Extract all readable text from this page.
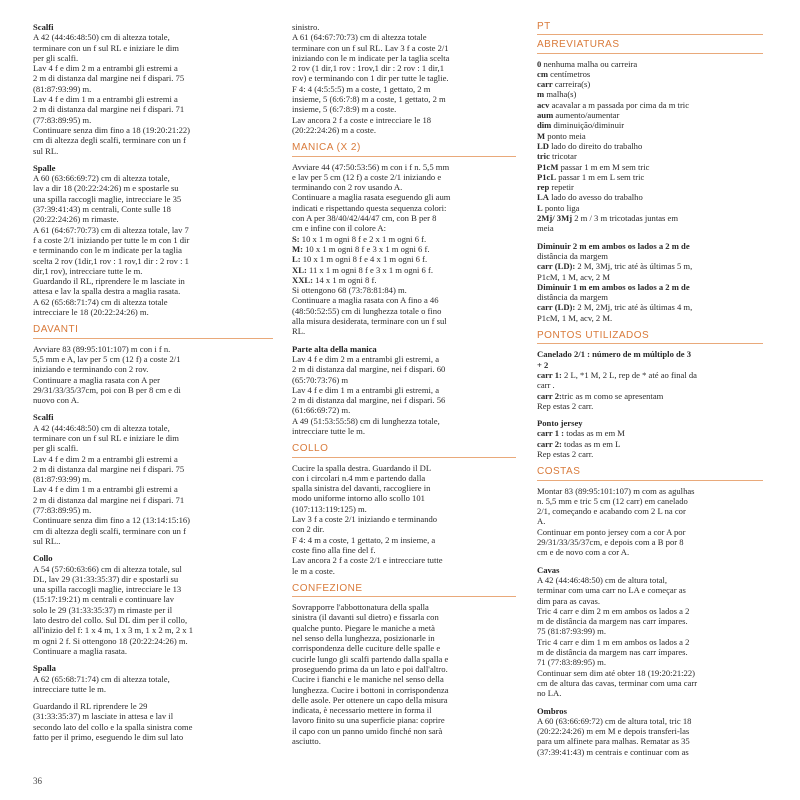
Scalfi
A 42 (44:46:48:50) cm di altezza totale,
terminare con un f sul RL e iniziare le dim
per gli scalfi.
Lav 4 f e dim 2 m a entrambi gli estremi a
2 m di distanza dal margine nei f dispari. 75
(81:87:93:99) m.
Lav 4 f e dim 1 m a entrambi gli estremi a
2 m di distanza dal margine nei f dispari. 71
(77:83:89:95) m.
Continuare senza dim fino a 18 (19:20:21:22)
cm di altezza degli scalfi, terminare con un f
sul RL.
Spalle
A 60 (63:66:69:72) cm di altezza totale,
lav a dir 18 (20:22:24:26) m e spostarle su
una spilla raccogli maglie, intrecciare le 35
(37:39:41:43) m centrali, Conte sulle 18
(20:22:24:26) m rimaste.
A 61 (64:67:70:73) cm di altezza totale, lav 7
f a coste 2/1 iniziando per tutte le m con 1 dir
e terminando con le m indicate per la taglia
scelta 2 rov (1dir,1 rov : 1 rov,1 dir : 2 rov : 1
dir,1 rov), intrecciare tutte le m.
Guardando il RL, riprendere le m lasciate in
attesa e lav la spalla destra a maglia rasata.
A 62 (65:68:71:74) cm di altezza totale
intrecciare le 18 (20:22:24:26) m.
DAVANTI
Avviare 83 (89:95:101:107) m con i f n.
5,5 mm e A, lav per 5 cm (12 f) a coste 2/1
iniziando e terminando con 2 rov.
Continuare a maglia rasata con A per
29/31/33/35/37cm, poi con B per 8 cm e di
nuovo con A.
Scalfi
A 42 (44:46:48:50) cm di altezza totale,
terminare con un f sul RL e iniziare le dim
per gli scalfi.
Lav 4 f e dim 2 m a entrambi gli estremi a
2 m di distanza dal margine nei f dispari. 75
(81:87:93:99) m.
Lav 4 f e dim 1 m a entrambi gli estremi a
2 m di distanza dal margine nei f dispari. 71
(77:83:89:95) m.
Continuare senza dim fino a 12 (13:14:15:16)
cm di altezza degli scalfi, terminare con un f
sul RL..
Collo
A 54 (57:60:63:66) cm di altezza totale, sul
DL, lav 29 (31:33:35:37) dir e spostarli su
una spilla raccogli maglie, intrecciare le 13
(15:17:19:21) m centrali e continuare lav
solo le 29 (31:33:35:37) m rimaste per il
lato destro del collo. Sul DL dim per il collo,
all'inizio del f: 1 x 4 m, 1 x 3 m, 1 x 2 m, 2 x 1
m ogni 2 f. Si ottengono 18 (20:22:24:26) m.
Continuare a maglia rasata.
Spalla
A 62 (65:68:71:74) cm di altezza totale,
intrecciare tutte le m.
Guardando il RL riprendere le 29
(31:33:35:37) m lasciate in attesa e lav il
secondo lato del collo e la spalla sinistra come
fatto per il primo, eseguendo le dim sul lato
sinistro.
A 61 (64:67:70:73) cm di altezza totale
terminare con un f sul RL. Lav 3 f a coste 2/1
iniziando con le m indicate per la taglia scelta
2 rov (1 dir,1 rov : 1rov,1 dir : 2 rov : 1 dir,1
rov) e terminando con 1 dir per tutte le taglie.
F 4: 4 (4:5:5:5) m a coste, 1 gettato, 2 m
insieme, 5 (6:6:7:8) m a coste, 1 gettato, 2 m
insieme, 5 (6:7:8:9) m a coste.
Lav ancora 2 f a coste e intrecciare le 18
(20:22:24:26) m a coste.
MANICA (X 2)
Avviare 44 (47:50:53:56) m con i f n. 5,5 mm
e lav per 5 cm (12 f) a coste 2/1 iniziando e
terminando con 2 rov usando A.
Continuare a maglia rasata eseguendo gli aum
indicati e rispettando questa sequenza colori:
con A per 38/40/42/44/47 cm, con B per 8
cm e infine con il colore A:
S: 10 x 1 m ogni 8 f e 2 x 1 m ogni 6 f.
M: 10 x 1 m ogni 8 f e 3 x 1 m ogni 6 f.
L: 10 x 1 m ogni 8 f e 4 x 1 m ogni 6 f.
XL: 11 x 1 m ogni 8 f e 3 x 1 m ogni 6 f.
XXL: 14 x 1 m ogni 8 f.
Si ottengono 68 (73:78:81:84) m.
Continuare a maglia rasata con A fino a 46
(48:50:52:55) cm di lunghezza totale o fino
alla misura desiderata, terminare con un f sul
RL.
Parte alta della manica
Lav 4 f e dim 2 m a entrambi gli estremi, a
2 m di distanza dal margine, nei f dispari. 60
(65:70:73:76) m
Lav 4 f e dim 1 m a entrambi gli estremi, a
2 m di distanza dal margine, nei f dispari. 56
(61:66:69:72) m.
A 49 (51:53:55:58) cm di lunghezza totale,
intrecciare tutte le m.
COLLO
Cucire la spalla destra. Guardando il DL
con i circolari n.4 mm e partendo dalla
spalla sinistra del davanti, raccogliere in
modo uniforme intorno allo scollo 101
(107:113:119:125) m.
Lav 3 f a coste 2/1 iniziando e terminando
con 2 dir.
F 4: 4 m a coste, 1 gettato, 2 m insieme, a
coste fino alla fine del f.
Lav ancora 2 f a coste 2/1 e intrecciare tutte
le m a coste.
CONFEZIONE
Sovrapporre l'abbottonatura della spalla
sinistra (il davanti sul dietro) e fissarla con
qualche punto. Piegare le maniche a metà
nel senso della lunghezza, posizionarle in
corrispondenza delle cuciture delle spalle e
cucirle lungo gli scalfi partendo dalla spalla e
proseguendo prima da un lato e poi dall'altro.
Cucire i fianchi e le maniche nel senso della
lunghezza. Cucire i bottoni in corrispondenza
delle asole. Per ottenere un capo della misura
indicata, è necessario mettere in forma il
lavoro finito su una superficie piana: coprire
il capo con un panno umido finché non sarà
asciutto.
PT
ABREVIATURAS
0 nenhuma malha ou carreira
cm centímetros
carr carreira(s)
m malha(s)
acv acavalar a m passada por cima da m tric
aum aumento/aumentar
dim diminuição/diminuir
M ponto meia
LD lado do direito do trabalho
tric tricotar
P1cM passar 1 m em M sem tric
P1cL passar 1 m em L sem tric
rep repetir
LA lado do avesso do trabalho
L ponto liga
2Mj/ 3Mj 2 m / 3 m tricotadas juntas em
meia
Diminuir 2 m em ambos os lados a 2 m de
distância da margem
carr (LD): 2 M, 3Mj, tric até às últimas 5 m,
P1cM, 1 M, acv, 2 M
Diminuir 1 m em ambos os lados a 2 m de
distância da margem
carr (LD): 2 M, 2Mj, tric até às últimas 4 m,
P1cM, 1 M, acv, 2 M.
PONTOS UTILIZADOS
Canelado 2/1 : número de m múltiplo de 3
+ 2
carr 1: 2 L, *1 M, 2 L, rep de * até ao final da
carr .
carr 2:tric as m como se apresentam
Rep estas 2 carr.
Ponto jersey
carr 1 : todas as m em M
carr 2: todas as m em L
Rep estas 2 carr.
COSTAS
Montar 83 (89:95:101:107) m com as agulhas
n. 5,5 mm e tric 5 cm (12 carr) em canelado
2/1, começando e acabando com 2 L na cor
A.
Continuar em ponto jersey com a cor A por
29/31/33/35/37cm, e depois com a B por 8
cm e de novo com a cor A.
Cavas
A 42 (44:46:48:50) cm de altura total,
terminar com uma carr no LA e começar as
dim para as cavas.
Tric 4 carr e dim 2 m em ambos os lados a 2
m de distância da margem nas carr ímpares.
75 (81:87:93:99) m.
Tric 4 carr e dim 1 m em ambos os lados a 2
m de distância da margem nas carr ímpares.
71 (77:83:89:95) m.
Continuar sem dim até obter 18 (19:20:21:22)
cm de altura das cavas, terminar com uma carr
no LA.
Ombros
A 60 (63:66:69:72) cm de altura total, tric 18
(20:22:24:26) m em M e depois transferi-las
para um alfinete para malhas. Rematar as 35
(37:39:41:43) m centrais e continuar com as
36
